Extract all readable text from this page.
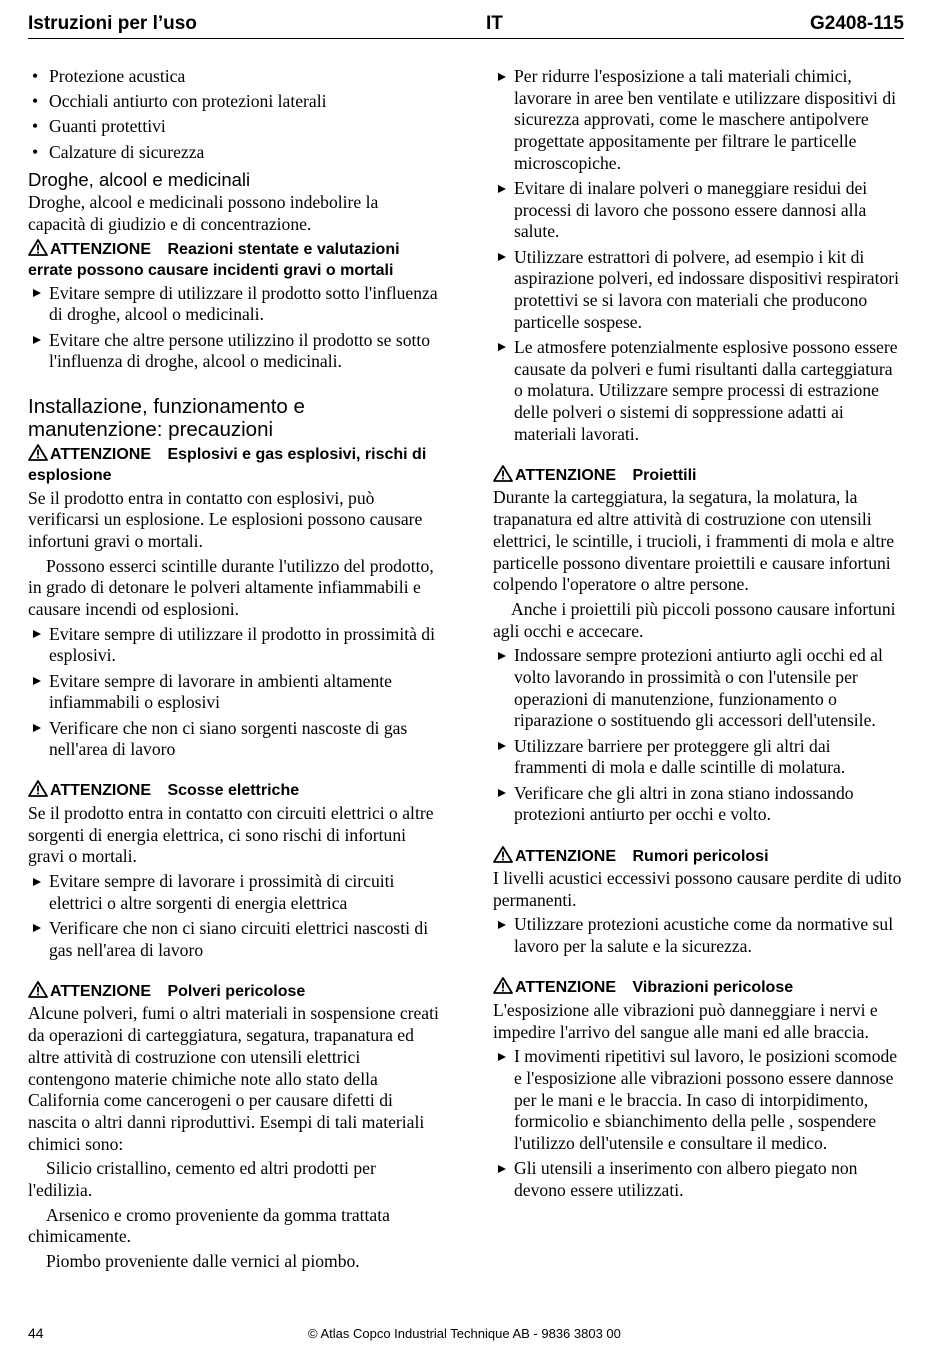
Istruzioni per l’uso	IT	G2408-115
• Protezione acustica
• Occhiali antiurto con protezioni laterali
• Guanti protettivi
• Calzature di sicurezza
Droghe, alcool e medicinali

Droghe, alcool e medicinali possono indebolire la capacità di giudizio e di concentrazione.

ATTENZIONE Reazioni stentate e valutazioni errate possono causare incidenti gravi o mortali
Evitare sempre di utilizzare il prodotto sotto l'influenza di droghe, alcool o medicinali.
Evitare che altre persone utilizzino il prodotto se sotto l'influenza di droghe, alcool o medicinali.
Installazione, funzionamento e manutenzione: precauzioni
ATTENZIONE Esplosivi e gas esplosivi, rischi di esplosione

Se il prodotto entra in contatto con esplosivi, può verificarsi un esplosione. Le esplosioni possono causare infortuni gravi o mortali.

Possono esserci scintille durante l'utilizzo del prodotto, in grado di detonare le polveri altamente infiammabili e causare incendi od esplosioni.

Evitare sempre di utilizzare il prodotto in prossimità di esplosivi.
Evitare sempre di lavorare in ambienti altamente infiammabili o esplosivi
Verificare che non ci siano sorgenti nascoste di gas nell'area di lavoro
ATTENZIONE Scosse elettriche

Se il prodotto entra in contatto con circuiti elettrici o altre sorgenti di energia elettrica, ci sono rischi di infortuni gravi o mortali.

Evitare sempre di lavorare i prossimità di circuiti elettrici o altre sorgenti di energia elettrica
Verificare che non ci siano circuiti elettrici nascosti di gas nell'area di lavoro
ATTENZIONE Polveri pericolose

Alcune polveri, fumi o altri materiali in sospensione creati da operazioni di carteggiatura, segatura, trapanatura ed altre attività di costruzione con utensili elettrici contengono materie chimiche note allo stato della California come cancerogeni o per causare difetti di nascita o altri danni riproduttivi. Esempi di tali materiali chimici sono:

Silicio cristallino, cemento ed altri prodotti per l'edilizia.

Arsenico e cromo proveniente da gomma trattata chimicamente.

Piombo proveniente dalle vernici al piombo.

Per ridurre l'esposizione a tali materiali chimici, lavorare in aree ben ventilate e utilizzare dispositivi di sicurezza approvati, come le maschere antipolvere progettate appositamente per filtrare le particelle microscopiche.
Evitare di inalare polveri o maneggiare residui dei processi di lavoro che possono essere dannosi alla salute.
Utilizzare estrattori di polvere, ad esempio i kit di aspirazione polveri, ed indossare dispositivi respiratori protettivi se si lavora con materiali che producono particelle sospese.
Le atmosfere potenzialmente esplosive possono essere causate da polveri e fumi risultanti dalla carteggiatura o molatura. Utilizzare sempre processi di estrazione delle polveri o sistemi di soppressione adatti ai materiali lavorati.
ATTENZIONE Proiettili

Durante la carteggiatura, la segatura, la molatura, la trapanatura ed altre attività di costruzione con utensili elettrici, le scintille, i trucioli, i frammenti di mola e altre particelle possono diventare proiettili e causare infortuni colpendo l'operatore o altre persone.

Anche i proiettili più piccoli possono causare infortuni agli occhi e accecare.

Indossare sempre protezioni antiurto agli occhi ed al volto lavorando in prossimità o con l'utensile per operazioni di manutenzione, funzionamento o riparazione o sostituendo gli accessori dell'utensile.
Utilizzare barriere per proteggere gli altri dai frammenti di mola e dalle scintille di molatura.
Verificare che gli altri in zona stiano indossando protezioni antiurto per occhi e volto.
ATTENZIONE Rumori pericolosi

I livelli acustici eccessivi possono causare perdite di udito permanenti.

Utilizzare protezioni acustiche come da normative sul lavoro per la salute e la sicurezza.
ATTENZIONE Vibrazioni pericolose

L'esposizione alle vibrazioni può danneggiare i nervi e impedire l'arrivo del sangue alle mani ed alle braccia.

I movimenti ripetitivi sul lavoro, le posizioni scomode e l'esposizione alle vibrazioni possono essere dannose per le mani e le braccia. In caso di intorpidimento, formicolio e sbianchimento della pelle , sospendere l'utilizzo dell'utensile e consultare il medico.
Gli utensili a inserimento con albero piegato non devono essere utilizzati.
44	© Atlas Copco Industrial Technique AB - 9836 3803 00
